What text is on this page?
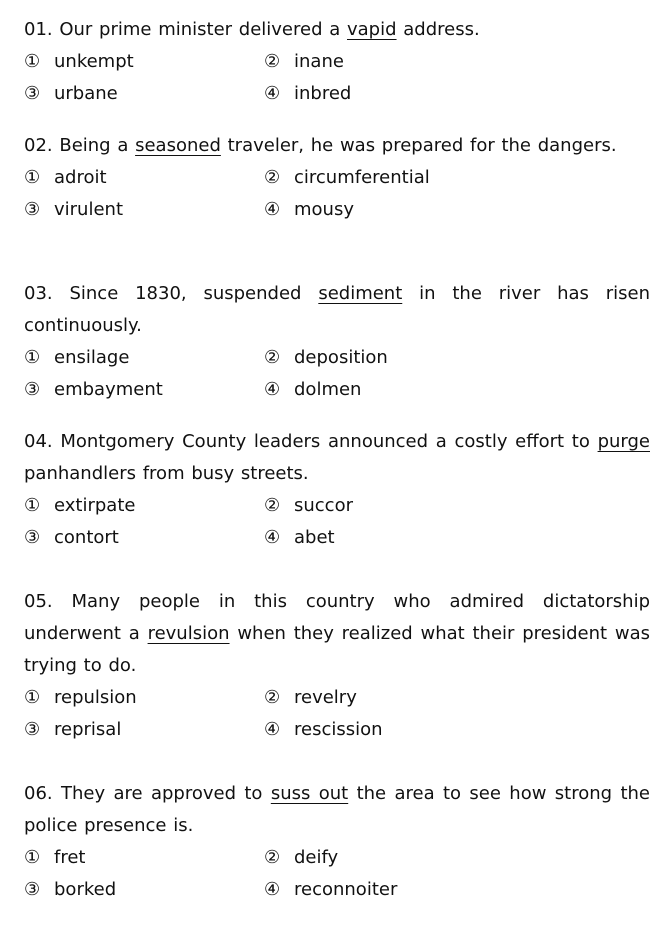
01. Our prime minister delivered a vapid address.

① unkempt	② inane
③ urbane	④ inbred

02. Being a seasoned traveler, he was prepared for the dangers.

① adroit	② circumferential
③ virulent	④ mousy

03. Since 1830, suspended sediment in the river has risen continuously.

① ensilage	② deposition
③ embayment	④ dolmen

04. Montgomery County leaders announced a costly effort to purge panhandlers from busy streets.

① extirpate	② succor
③ contort	④ abet

05. Many people in this country who admired dictatorship underwent a revulsion when they realized what their president was trying to do.

① repulsion	② revelry
③ reprisal	④ rescission

06. They are approved to suss out the area to see how strong the police presence is.

① fret	② deify
③ borked	④ reconnoiter
